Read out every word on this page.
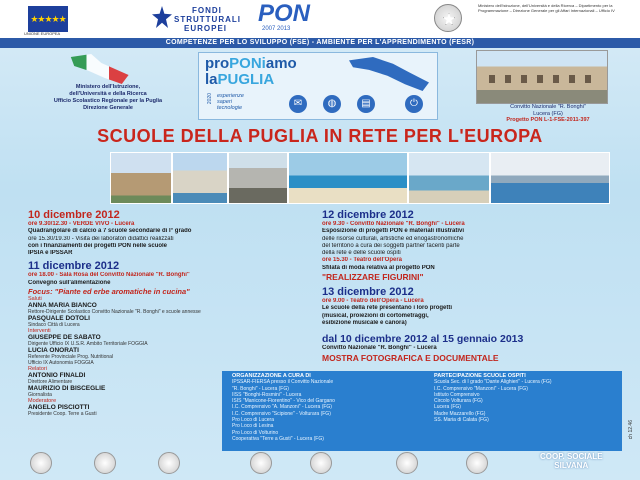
★★★★★
UNIONE EUROPEA
FONDI
STRUTTURALI
EUROPEI
PON
2007 2013
Ministero dell'Istruzione, dell'Università e della Ricerca – Dipartimento per la Programmazione – Direzione Generale per gli Affari Internazionali – Ufficio IV
COMPETENZE PER LO SVILUPPO (FSE) - AMBIENTE PER L'APPRENDIMENTO (FESR)
Ministero dell'Istruzione,
dell'Università e della Ricerca
Ufficio Scolastico Regionale per la Puglia
Direzione Generale
proPONiamo
laPUGLIA
2020 esperienze
saperi
tecnologie	✉	◍	▤	⏻	Convitto Nazionale "R. Bonghi"
Lucera (FG)
Progetto PON L-1-FSE-2011-397
SCUOLE DELLA PUGLIA IN RETE PER L'EUROPA
10 dicembre 2012
ore 9.30/12.30 - VERDE VIVO - Lucera
Quadrangolare di calcio a 7 scuole secondarie di I° grado
ore 15.30/19.30 - Visita dei laboratori didattici realizzati
con i finanziamenti dei progetti PON nelle scuole
IPSIA e IPSSAR
11 dicembre 2012
ore 18.00 - Sala Rosa del Convitto Nazionale "R. Bonghi"
Convegno sull'alimentazione
Focus: "Piante ed erbe aromatiche in cucina"
Saluti
ANNA MARIA BIANCO
Rettore-Dirigente Scolastico Convitto Nazionale "R. Bonghi" e scuole annesse
PASQUALE DOTOLI
Sindaco Città di Lucera
Interventi
GIUSEPPE DE SABATO
Dirigente Ufficio IX U.S.R. Ambito Territoriale FOGGIA
LUCIA ONORATI
Referente Provinciale Prog. Nutritional
Ufficio IX Autonomia FOGGIA
Relatori
ANTONIO FINALDI
Direttore Alimentare
MAURIZIO DI BISCEGLIE
Giornalista
Moderatore
ANGELO PISCIOTTI
Presidente Coop. Terre a Gusti
12 dicembre 2012
ore 9.30 - Convitto Nazionale "R. Bonghi" - Lucera
Esposizione di progetti PON e materiali illustrativi
delle risorse culturali, artistiche ed enogastronomiche
del territorio a cura dei soggetti partner facenti parte
della rete e delle scuole ospiti
ore 15.30 - Teatro dell'Opera
Sfilata di moda relativa al progetto PON
"REALIZZARE FIGURINI"
13 dicembre 2012
ore 9.00 - Teatro dell'Opera - Lucera
Le scuole della rete presentano i loro progetti
(musical, proiezioni di cortometraggi,
esibizione musicale e canora)
dal 10 dicembre 2012 al 15 gennaio 2013
Convitto Nazionale "R. Bonghi" - Lucera
MOSTRA FOTOGRAFICA E DOCUMENTALE
ORGANIZZAZIONE A CURA DI
IPSSAR-FIERSA presso il Convitto Nazionale
"R. Bonghi" - Lucera (FG)
IISS "Bonghi-Rosmini" - Lucera
ISIS "Manicone-Fiorentino" - Vico del Gargano
I.C. Comprensivo "A. Manzoni" - Lucera (FG)
I.C. Comprensivo "Scipione" - Volturara (FG)
Pro Loco di Lucera
Pro Loco di Lesina
Pro Loco di Volturino
Cooperativa "Terre a Gusti" - Lucera (FG)
PARTECIPAZIONE SCUOLE OSPITI
Scuola Sec. di I grado "Dante Alighieri" - Lucera (FG)
I.C. Comprensivo "Manzoni" - Lucera (FG)
Istituto Comprensivo
Circolo Volturara (FG)
Lucera (FG)
Madre Mazzarello (FG)
SS. Maria di Calata (FG)
COOP. SOCIALE
SILVANA
ch 12.46
